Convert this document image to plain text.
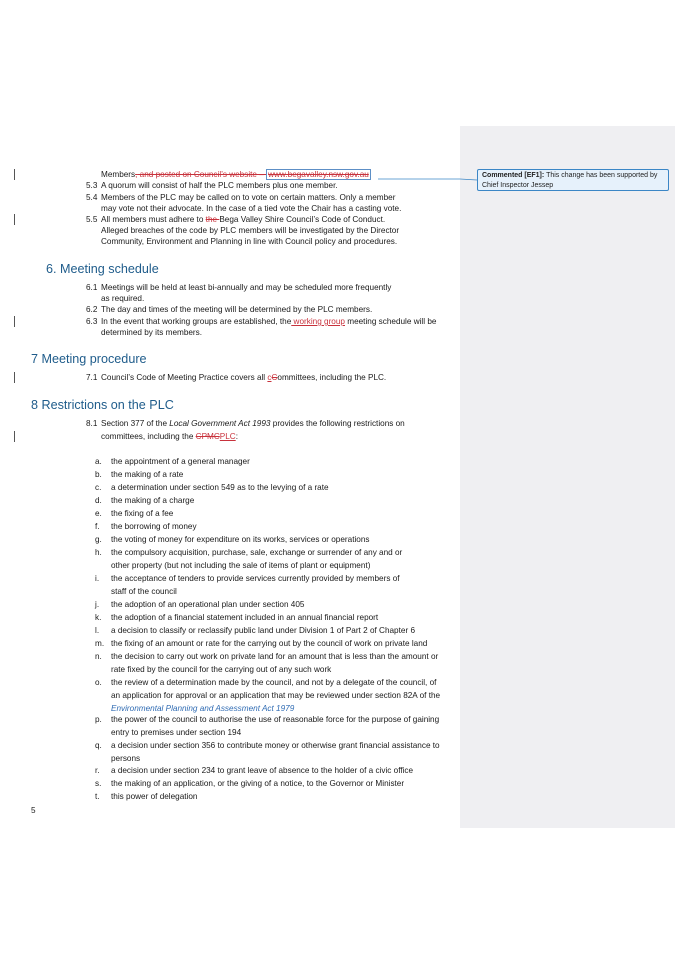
Commented [EF1]: This change has been supported by
Chief Inspector Jessep
Members, and posted on Council’s website – www.begavalley.nsw.gov.au
5.3 A quorum will consist of half the PLC members plus one member.
5.4 Members of the PLC may be called on to vote on certain matters. Only a member
may vote not their advocate. In the case of a tied vote the Chair has a casting vote.
5.5 All members must adhere to the Bega Valley Shire Council’s Code of Conduct.
Alleged breaches of the code by PLC members will be investigated by the Director
Community, Environment and Planning in line with Council policy and procedures.
6. Meeting schedule
6.1 Meetings will be held at least bi-annually and may be scheduled more frequently
as required.
6.2 The day and times of the meeting will be determined by the PLC members.
6.3 In the event that working groups are established, the working group meeting schedule will be
determined by its members.
7 Meeting procedure
7.1 Council’s Code of Meeting Practice covers all cCommittees, including the PLC.
8 Restrictions on the PLC
8.1 Section 377 of the Local Government Act 1993 provides the following restrictions on
committees, including the CPMCPLC:
a. the appointment of a general manager
b. the making of a rate
c. a determination under section 549 as to the levying of a rate
d. the making of a charge
e. the fixing of a fee
f. the borrowing of money
g. the voting of money for expenditure on its works, services or operations
h. the compulsory acquisition, purchase, sale, exchange or surrender of any and or
other property (but not including the sale of items of plant or equipment)
i. the acceptance of tenders to provide services currently provided by members of
staff of the council
j. the adoption of an operational plan under section 405
k. the adoption of a financial statement included in an annual financial report
l. a decision to classify or reclassify public land under Division 1 of Part 2 of Chapter 6
m. the fixing of an amount or rate for the carrying out by the council of work on private land
n. the decision to carry out work on private land for an amount that is less than the amount or
rate fixed by the council for the carrying out of any such work
o. the review of a determination made by the council, and not by a delegate of the council, of
an application for approval or an application that may be reviewed under section 82A of the
Environmental Planning and Assessment Act 1979
p. the power of the council to authorise the use of reasonable force for the purpose of gaining
entry to premises under section 194
q. a decision under section 356 to contribute money or otherwise grant financial assistance to
persons
r. a decision under section 234 to grant leave of absence to the holder of a civic office
s. the making of an application, or the giving of a notice, to the Governor or Minister
t. this power of delegation
5
